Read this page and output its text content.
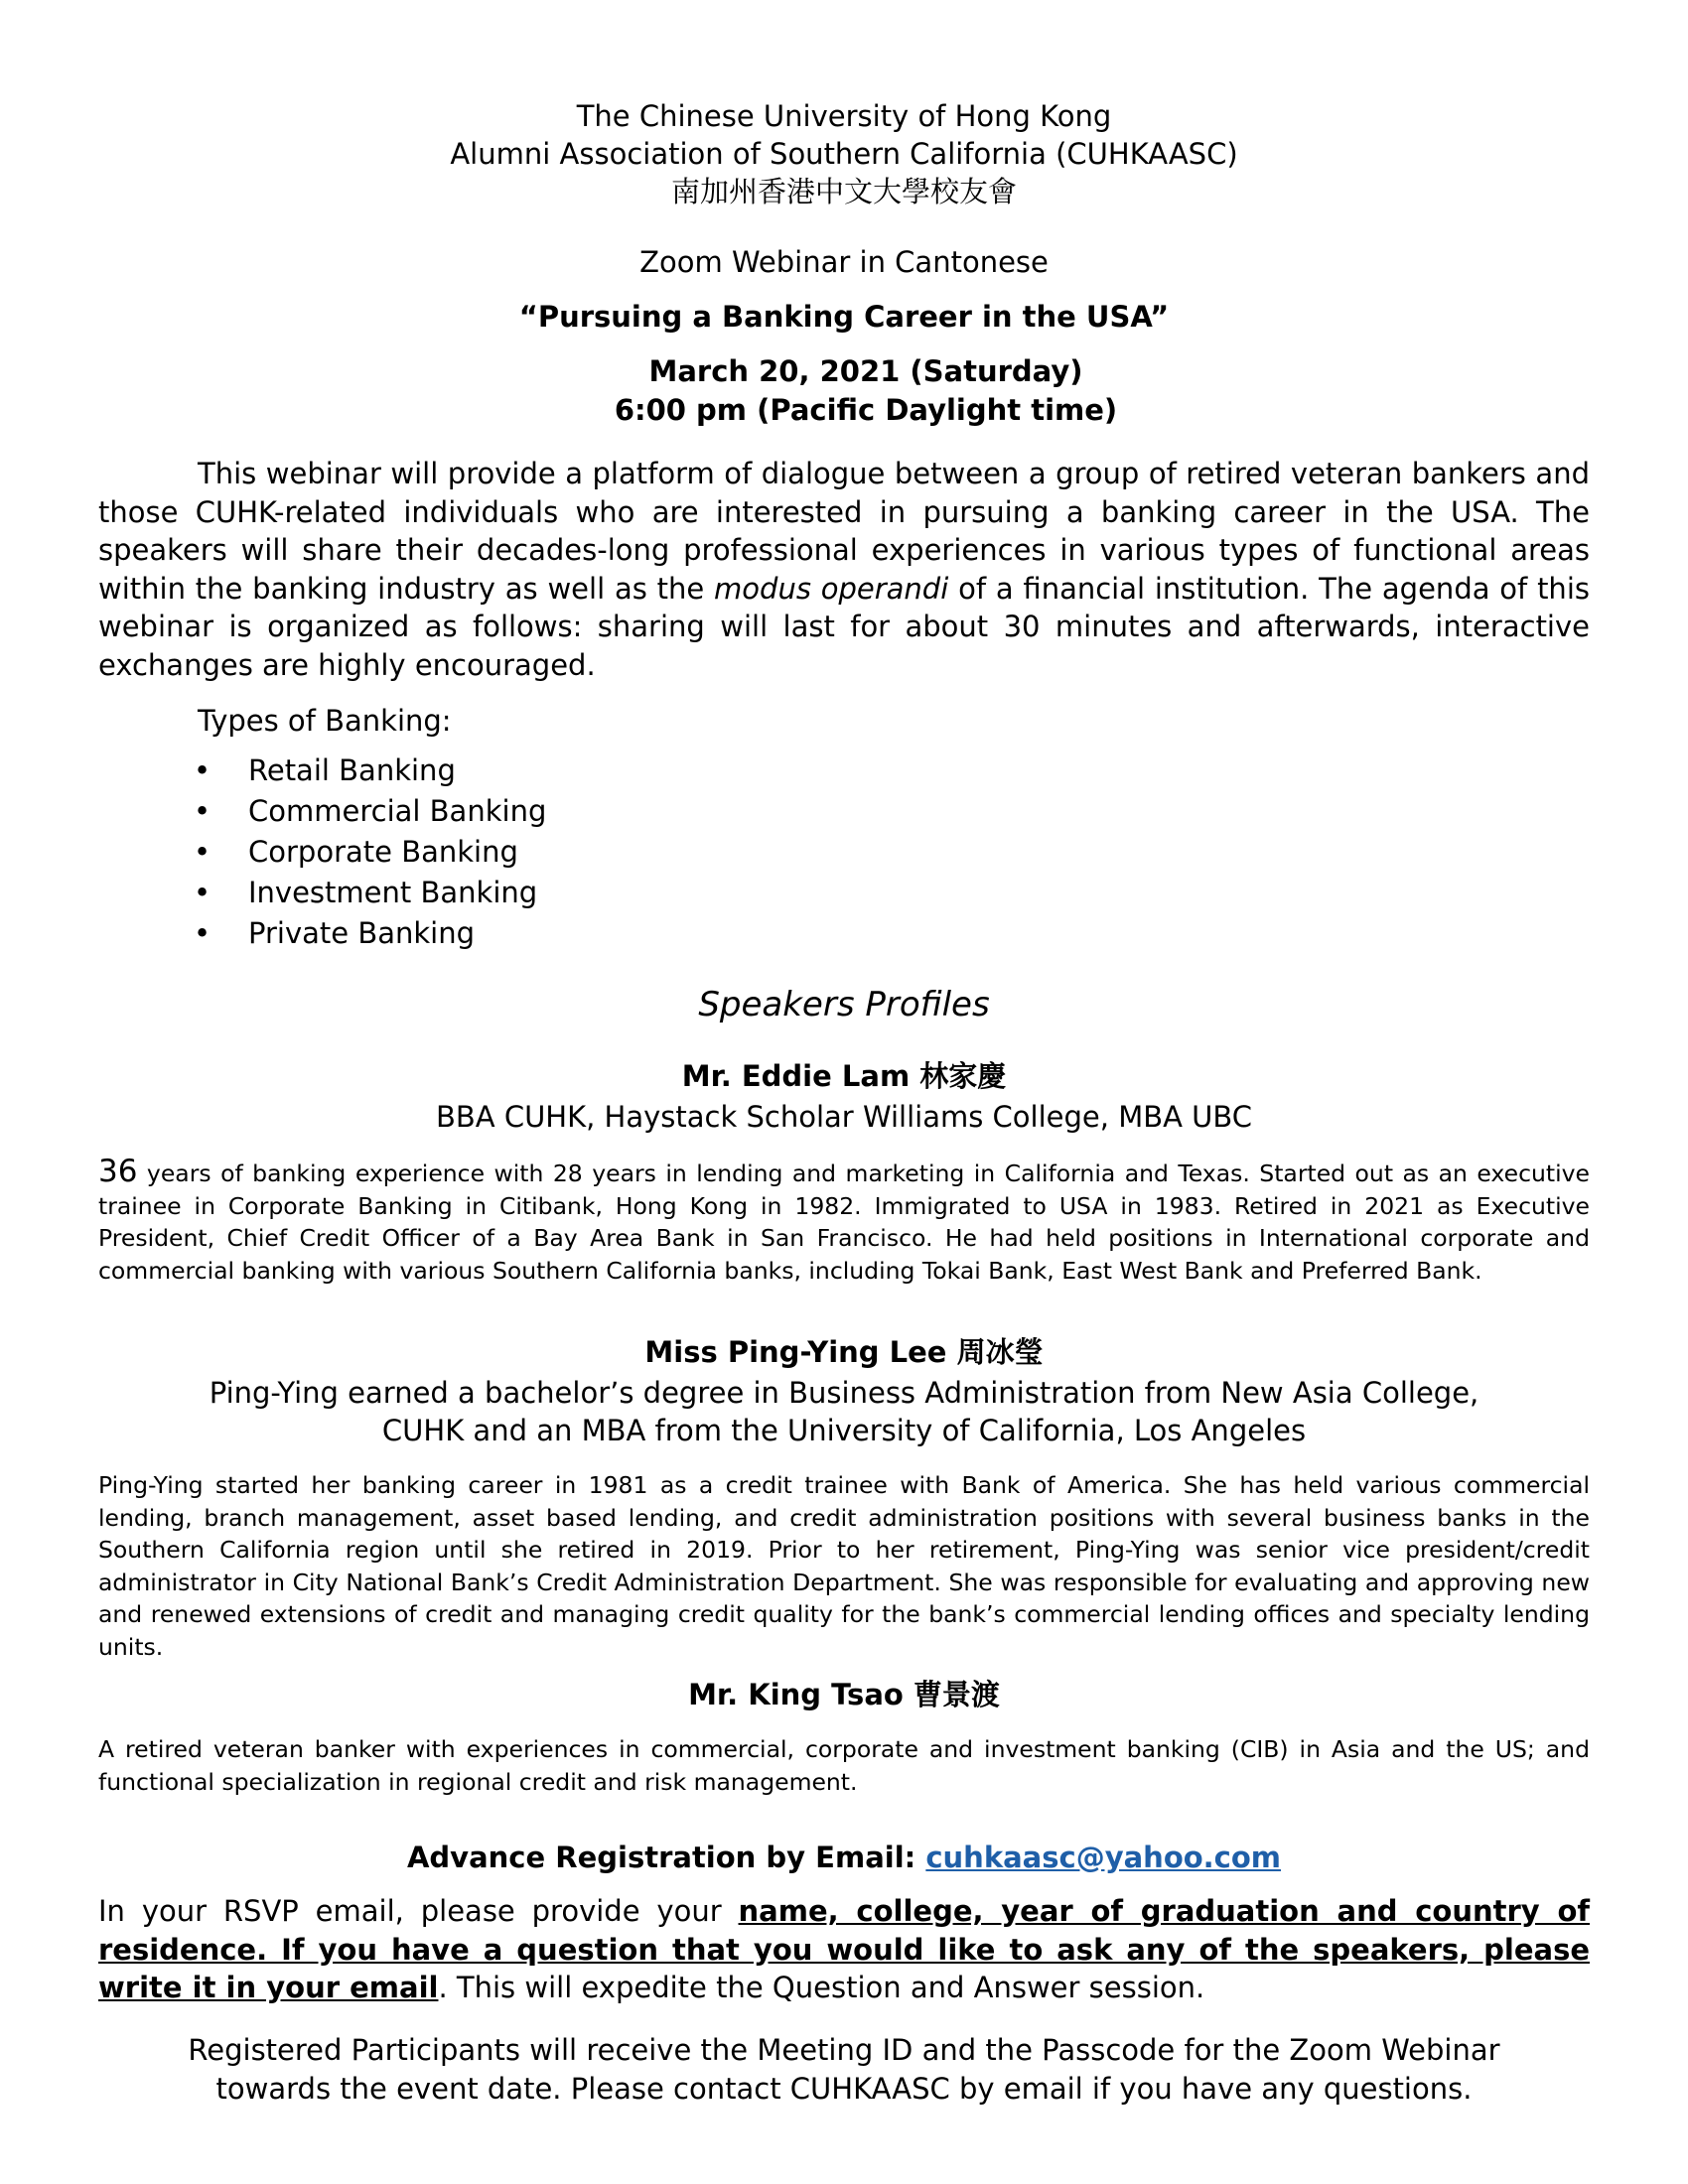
The Chinese University of Hong Kong
Alumni Association of Southern California (CUHKAASC)
南加州香港中文大學校友會
Zoom Webinar in Cantonese
“Pursuing a Banking Career in the USA”
March 20, 2021 (Saturday)
6:00 pm (Pacific Daylight time)
This webinar will provide a platform of dialogue between a group of retired veteran bankers and those CUHK-related individuals who are interested in pursuing a banking career in the USA. The speakers will share their decades-long professional experiences in various types of functional areas within the banking industry as well as the modus operandi of a financial institution. The agenda of this webinar is organized as follows: sharing will last for about 30 minutes and afterwards, interactive exchanges are highly encouraged.
Types of Banking:
• Retail Banking
• Commercial Banking
• Corporate Banking
• Investment Banking
• Private Banking
Speakers Profiles
Mr. Eddie Lam 林家慶
BBA CUHK, Haystack Scholar Williams College, MBA UBC
36 years of banking experience with 28 years in lending and marketing in California and Texas. Started out as an executive trainee in Corporate Banking in Citibank, Hong Kong in 1982. Immigrated to USA in 1983. Retired in 2021 as Executive President, Chief Credit Officer of a Bay Area Bank in San Francisco. He had held positions in International corporate and commercial banking with various Southern California banks, including Tokai Bank, East West Bank and Preferred Bank.
Miss Ping-Ying Lee 周冰瑩
Ping-Ying earned a bachelor’s degree in Business Administration from New Asia College,
CUHK and an MBA from the University of California, Los Angeles
Ping-Ying started her banking career in 1981 as a credit trainee with Bank of America. She has held various commercial lending, branch management, asset based lending, and credit administration positions with several business banks in the Southern California region until she retired in 2019. Prior to her retirement, Ping-Ying was senior vice president/credit administrator in City National Bank’s Credit Administration Department. She was responsible for evaluating and approving new and renewed extensions of credit and managing credit quality for the bank’s commercial lending offices and specialty lending units.
Mr. King Tsao 曹景渡
A retired veteran banker with experiences in commercial, corporate and investment banking (CIB) in Asia and the US; and functional specialization in regional credit and risk management.
Advance Registration by Email: cuhkaasc@yahoo.com
In your RSVP email, please provide your name, college, year of graduation and country of residence. If you have a question that you would like to ask any of the speakers, please write it in your email. This will expedite the Question and Answer session.
Registered Participants will receive the Meeting ID and the Passcode for the Zoom Webinar towards the event date. Please contact CUHKAASC by email if you have any questions.
